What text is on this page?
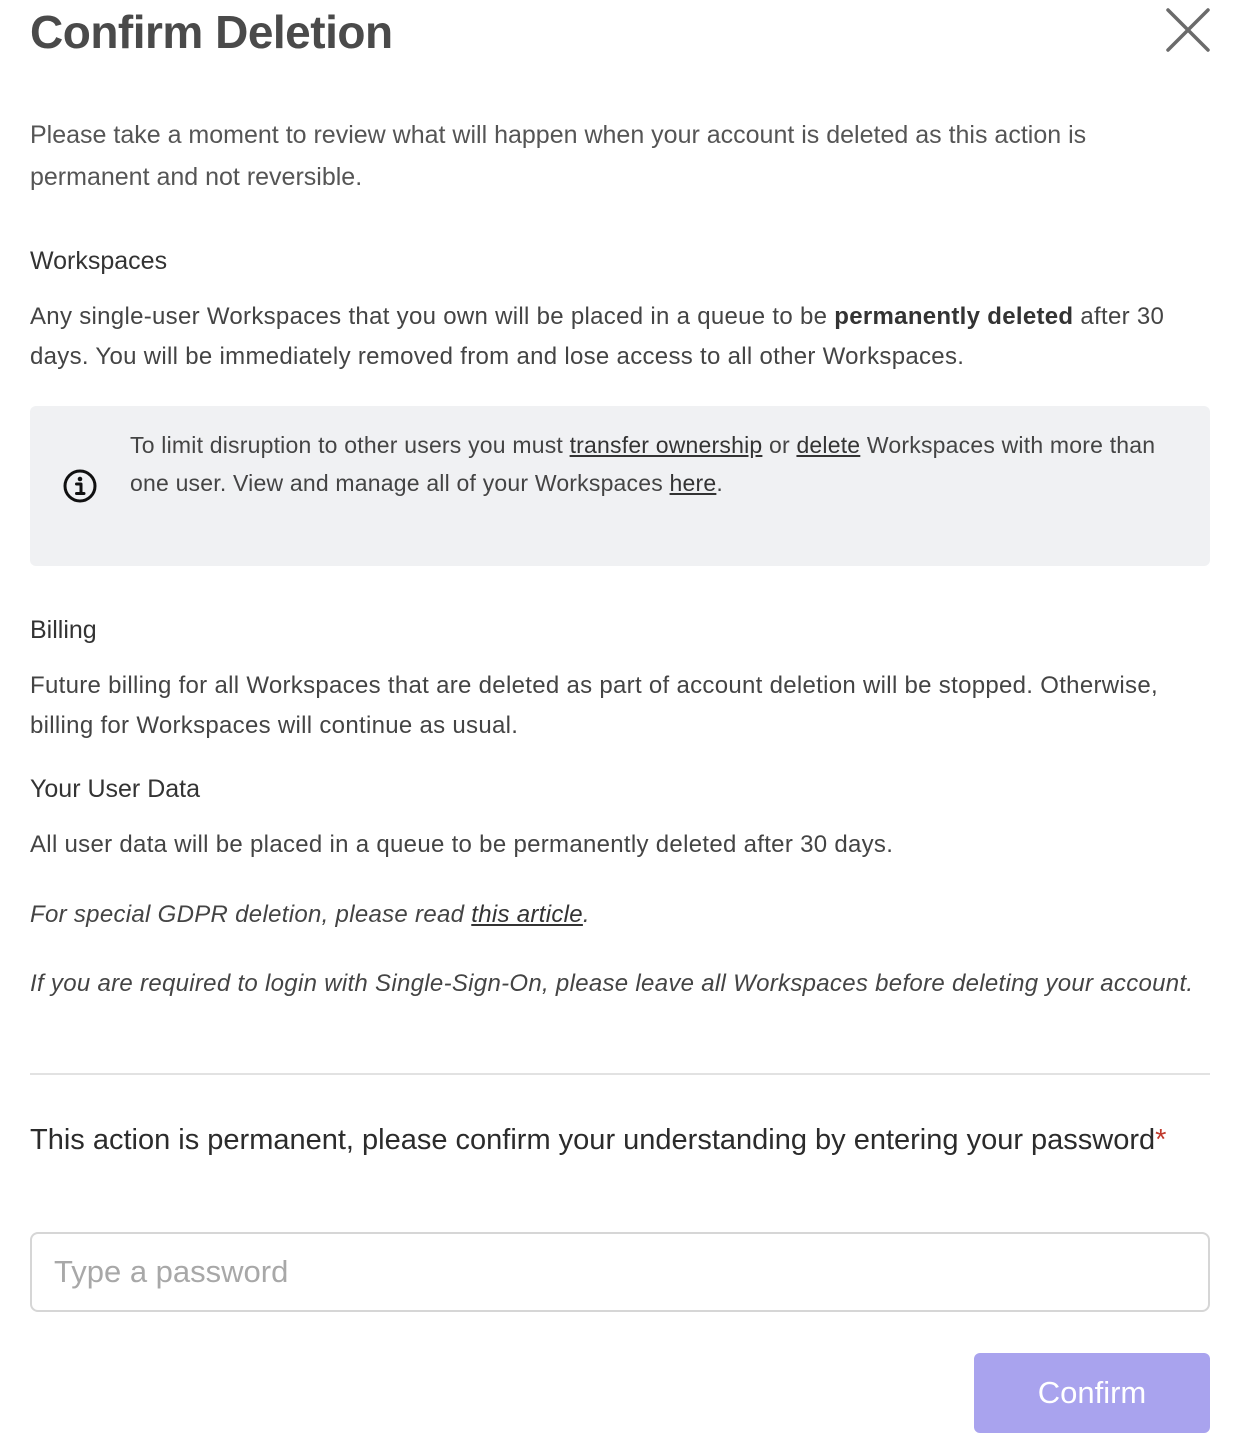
Confirm Deletion

Please take a moment to review what will happen when your account is deleted as this action is permanent and not reversible.

Workspaces

Any single-user Workspaces that you own will be placed in a queue to be permanently deleted after 30 days. You will be immediately removed from and lose access to all other Workspaces.

To limit disruption to other users you must transfer ownership or delete Workspaces with more than one user. View and manage all of your Workspaces here.

Billing

Future billing for all Workspaces that are deleted as part of account deletion will be stopped. Otherwise, billing for Workspaces will continue as usual.

Your User Data

All user data will be placed in a queue to be permanently deleted after 30 days.

For special GDPR deletion, please read this article.

If you are required to login with Single-Sign-On, please leave all Workspaces before deleting your account.

This action is permanent, please confirm your understanding by entering your password*

Confirm
